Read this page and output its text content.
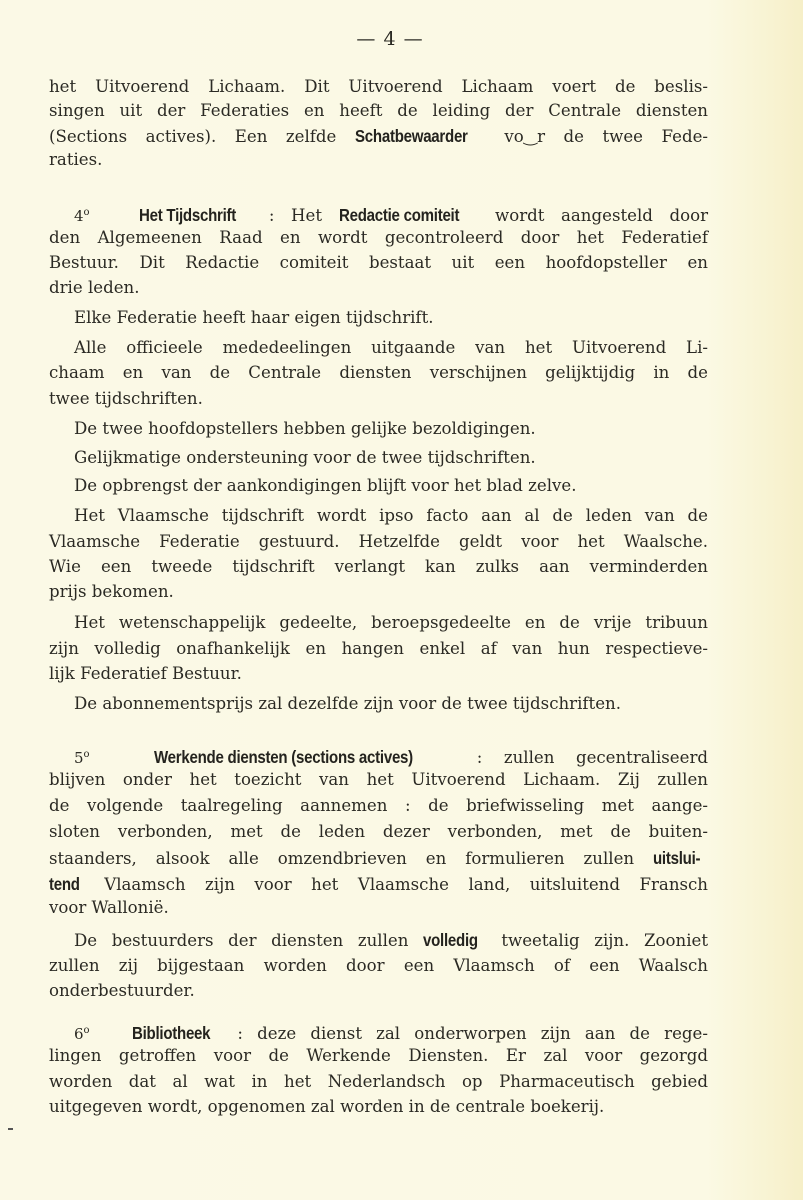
— 4 —
het Uitvoerend Lichaam. Dit Uitvoerend Lichaam voert de beslis-
singen uit der Federaties en heeft de leiding der Centrale diensten
(Sections actives). Een zelfde Schatbewaarder vo‿r de twee Fede-
raties.
4$^o$	Het Tijdschrift : Het Redactie comiteit wordt aangesteld door
den Algemeenen Raad en wordt gecontroleerd door het Federatief
Bestuur. Dit Redactie comiteit bestaat uit een hoofdopsteller en
drie leden.
Elke Federatie heeft haar eigen tijdschrift.
Alle officieele mededeelingen uitgaande van het Uitvoerend Li-
chaam en van de Centrale diensten verschijnen gelijktijdig in de
twee tijdschriften.
De twee hoofdopstellers hebben gelijke bezoldigingen.
Gelijkmatige ondersteuning voor de twee tijdschriften.
De opbrengst der aankondigingen blijft voor het blad zelve.
Het Vlaamsche tijdschrift wordt ipso facto aan al de leden van de
Vlaamsche Federatie gestuurd. Hetzelfde geldt voor het Waalsche.
Wie een tweede tijdschrift verlangt kan zulks aan verminderden
prijs bekomen.
Het wetenschappelijk gedeelte, beroepsgedeelte en de vrije tribuun
zijn volledig onafhankelijk en hangen enkel af van hun respectieve-
lijk Federatief Bestuur.
De abonnementsprijs zal dezelfde zijn voor de twee tijdschriften.
5$^o$	Werkende diensten (sections actives)	: zullen gecentraliseerd
blijven onder het toezicht van het Uitvoerend Lichaam. Zij zullen
de volgende taalregeling aannemen : de briefwisseling met aange-
sloten verbonden, met de leden dezer verbonden, met de buiten-
staanders, alsook alle omzendbrieven en formulieren zullen uitslui-
tend Vlaamsch zijn voor het Vlaamsche land, uitsluitend Fransch
voor Wallonië.
De bestuurders der diensten zullen volledig tweetalig zijn. Zooniet
zullen zij bijgestaan worden door een Vlaamsch of een Waalsch
onderbestuurder.
6$^o$ Bibliotheek : deze dienst zal onderworpen zijn aan de rege-
lingen getroffen voor de Werkende Diensten. Er zal voor gezorgd
worden dat al wat in het Nederlandsch op Pharmaceutisch gebied
uitgegeven wordt, opgenomen zal worden in de centrale boekerij.
